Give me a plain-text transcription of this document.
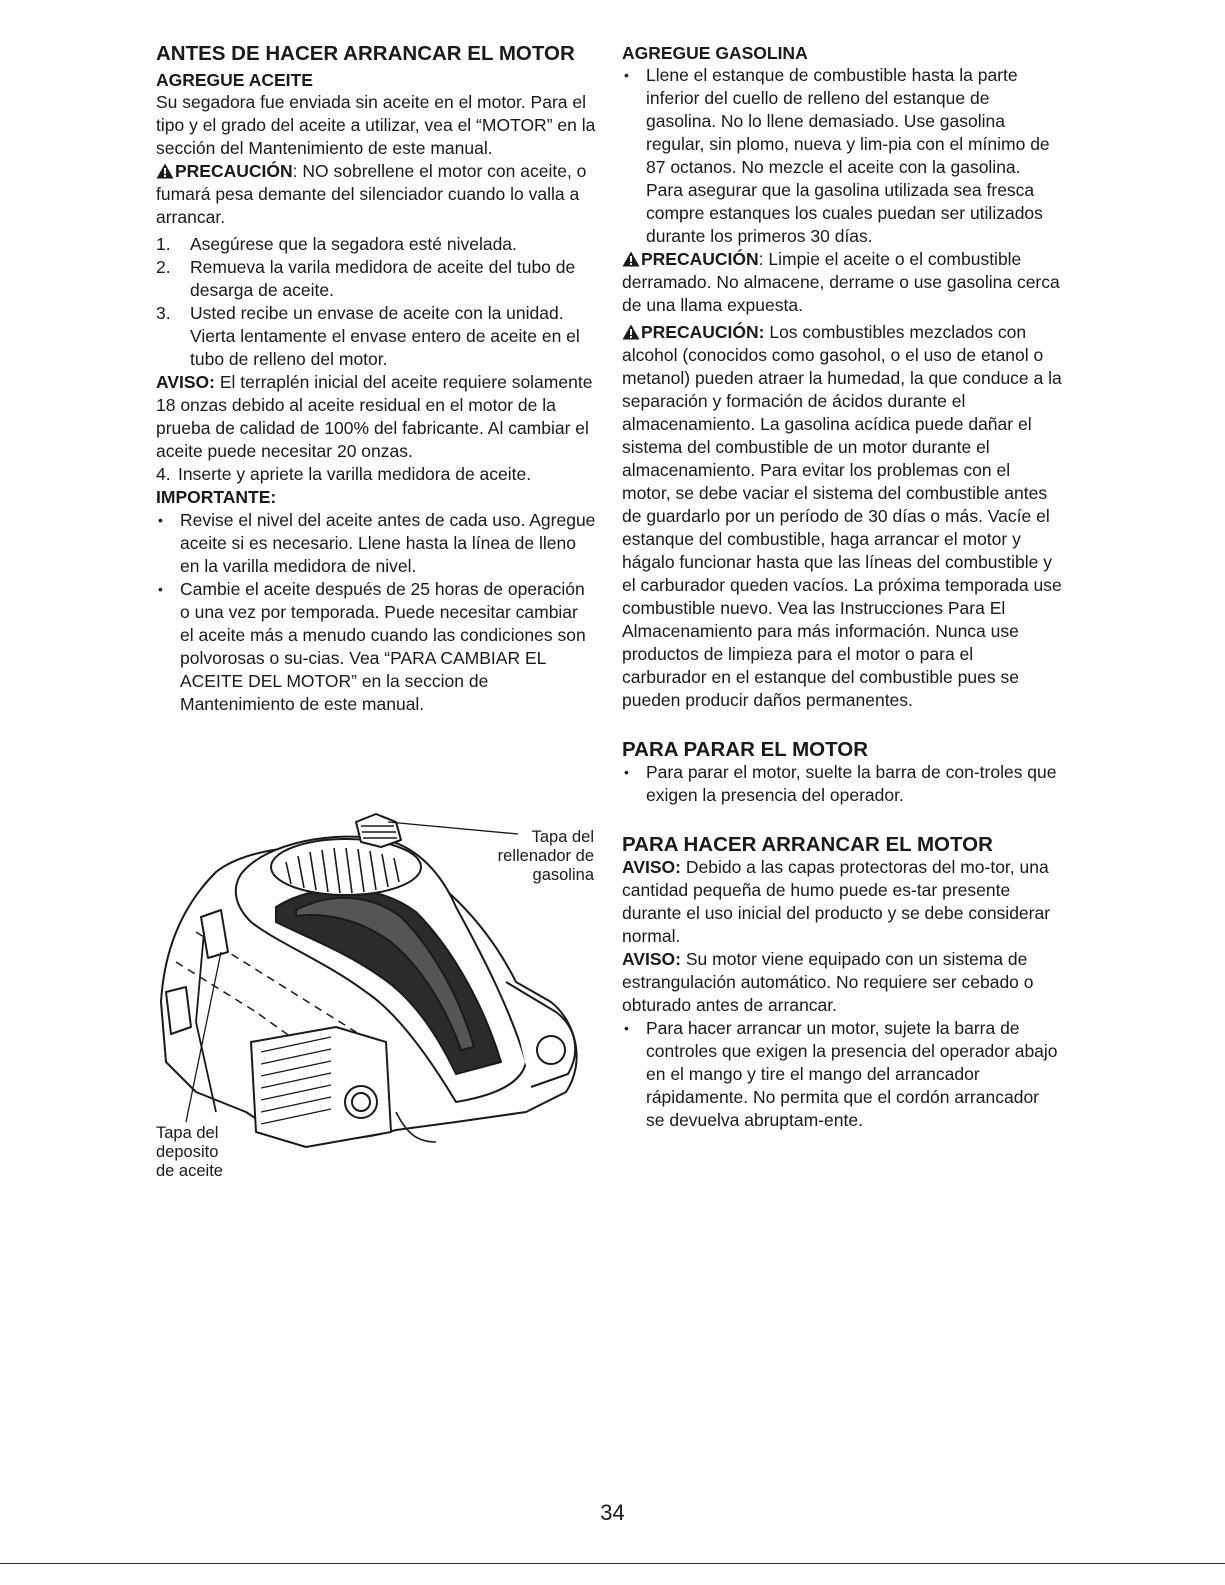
ANTES DE HACER ARRANCAR EL MOTOR
AGREGUE ACEITE

Su segadora fue enviada sin aceite en el motor. Para el tipo y el grado del aceite a utilizar, vea el “MOTOR” en la sección del Mantenimiento de este manual.

PRECAUCIÓN: NO sobrellene el motor con aceite, o fumará pesa demante del silenciador cuando lo valla a arrancar.

1. Asegúrese que la segadora esté nivelada.
2. Remueva la varila medidora de aceite del tubo de desarga de aceite.
3. Usted recibe un envase de aceite con la unidad. Vierta lentamente el envase entero de aceite en el tubo de relleno del motor.

AVISO: El terraplén inicial del aceite requiere solamente 18 onzas debido al aceite residual en el motor de la prueba de calidad de 100% del fabricante. Al cambiar el aceite puede necesitar 20 onzas.

4. Inserte y apriete la varilla medidora de aceite.

IMPORTANTE:

• Revise el nivel del aceite antes de cada uso. Agregue aceite si es necesario. Llene hasta la línea de lleno en la varilla medidora de nivel.
• Cambie el aceite después de 25 horas de operación o una vez por temporada. Puede necesitar cambiar el aceite más a menudo cuando las condiciones son polvorosas o su-cias. Vea “PARA CAMBIAR EL ACEITE DEL MOTOR” en la seccion de Mantenimiento de este manual.
Tapa del rellenador de gasolina
Tapa del deposito de aceite
AGREGUE GASOLINA
• Llene el estanque de combustible hasta la parte inferior del cuello de relleno del estanque de gasolina. No lo llene demasiado. Use gasolina regular, sin plomo, nueva y lim-pia con el mínimo de 87 octanos. No mezcle el aceite con la gasolina. Para asegurar que la gasolina utilizada sea fresca compre estanques los cuales puedan ser utilizados durante los primeros 30 días.

PRECAUCIÓN: Limpie el aceite o el combustible derramado. No almacene, derrame o use gasolina cerca de una llama expuesta.

PRECAUCIÓN: Los combustibles mezclados con alcohol (conocidos como gasohol, o el uso de etanol o metanol) pueden atraer la humedad, la que conduce a la separación y formación de ácidos durante el almacenamiento. La gasolina acídica puede dañar el sistema del combustible de un motor durante el almacenamiento. Para evitar los problemas con el motor, se debe vaciar el sistema del combustible antes de guardarlo por un período de 30 días o más. Vacíe el estanque del combustible, haga arrancar el motor y hágalo funcionar hasta que las líneas del combustible y el carburador queden vacíos. La próxima temporada use combustible nuevo. Vea las Instrucciones Para El Almacenamiento para más información. Nunca use productos de limpieza para el motor o para el carburador en el estanque del combustible pues se pueden producir daños permanentes.

PARA PARAR EL MOTOR
• Para parar el motor, suelte la barra de con-troles que exigen la presencia del operador.
PARA HACER ARRANCAR EL MOTOR

AVISO: Debido a las capas protectoras del mo-tor, una cantidad pequeña de humo puede es-tar presente durante el uso inicial del producto y se debe considerar normal.

AVISO: Su motor viene equipado con un sistema de estrangulación automático. No requiere ser cebado o obturado antes de arrancar.

• Para hacer arrancar un motor, sujete la barra de controles que exigen la presencia del operador abajo en el mango y tire el mango del arrancador rápidamente. No permita que el cordón arrancador se devuelva abruptam-ente.
34
